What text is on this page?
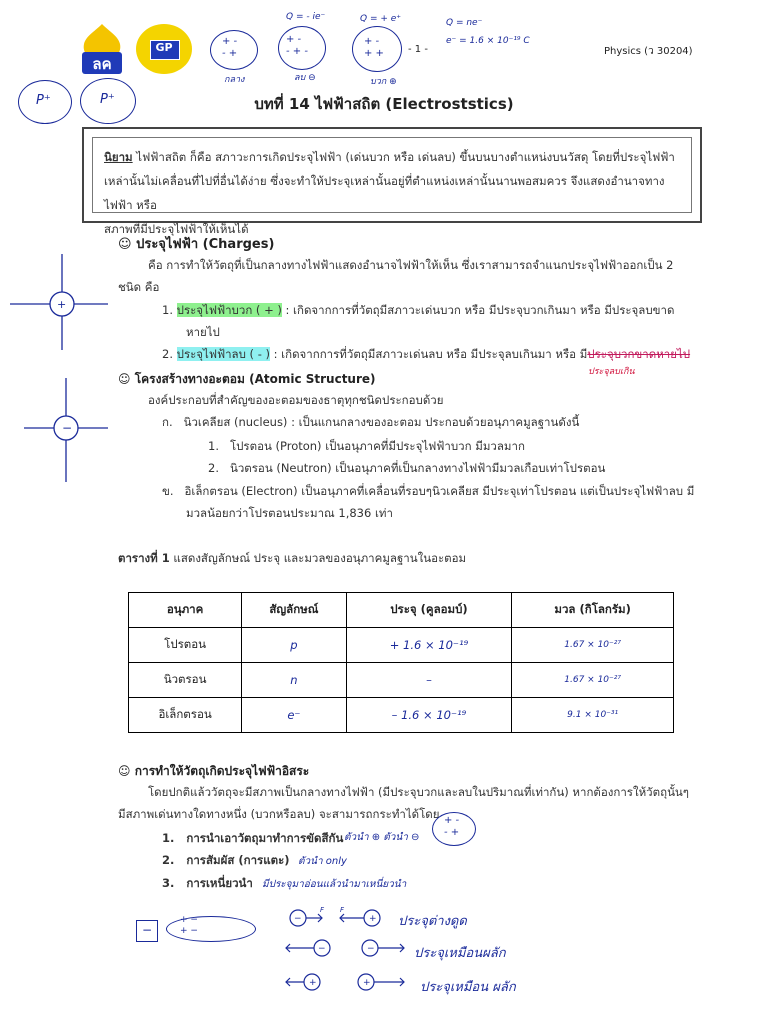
ลค
GP
P⁺	P⁺
+ -
- +
กลาง
Q = - ie⁻
+ -
- + -
ลบ ⊖
Q = + e⁺
+ -
+ +
บวก ⊕
- 1 -
Q = ne⁻
e⁻ = 1.6 × 10⁻¹⁹ C
Physics (ว 30204)
บทที่ 14 ไฟฟ้าสถิต (Electroststics)
นิยาม ไฟฟ้าสถิต ก็คือ สภาวะการเกิดประจุไฟฟ้า (เด่นบวก หรือ เด่นลบ) ขึ้นบนบางตำแหน่งบนวัสดุ โดยที่ประจุไฟฟ้า
เหล่านั้นไม่เคลื่อนที่ไปที่อื่นได้ง่าย ซึ่งจะทำให้ประจุเหล่านั้นอยู่ที่ตำแหน่งเหล่านั้นนานพอสมควร จึงแสดงอำนาจทางไฟฟ้า หรือ
สภาพที่มีประจุไฟฟ้าให้เห็นได้
☺ ประจุไฟฟ้า (Charges)
คือ การทำให้วัตถุที่เป็นกลางทางไฟฟ้าแสดงอำนาจไฟฟ้าให้เห็น ซึ่งเราสามารถจำแนกประจุไฟฟ้าออกเป็น 2
ชนิด คือ
1. ประจุไฟฟ้าบวก ( + ) : เกิดจากการที่วัตถุมีสภาวะเด่นบวก หรือ มีประจุบวกเกินมา หรือ มีประจุลบขาด
หายไป
2. ประจุไฟฟ้าลบ ( - ) : เกิดจากการที่วัตถุมีสภาวะเด่นลบ หรือ มีประจุลบเกินมา หรือ มีประจุบวกขาดหายไป
ประจุลบเกิน
+
−
☺ โครงสร้างทางอะตอม (Atomic Structure)
องค์ประกอบที่สำคัญของอะตอมของธาตุทุกชนิดประกอบด้วย
ก. นิวเคลียส (nucleus) : เป็นแกนกลางของอะตอม ประกอบด้วยอนุภาคมูลฐานดังนี้
1. โปรตอน (Proton) เป็นอนุภาคที่มีประจุไฟฟ้าบวก มีมวลมาก
2. นิวตรอน (Neutron) เป็นอนุภาคที่เป็นกลางทางไฟฟ้ามีมวลเกือบเท่าโปรตอน
ข. อิเล็กตรอน (Electron) เป็นอนุภาคที่เคลื่อนที่รอบๆนิวเคลียส มีประจุเท่าโปรตอน แต่เป็นประจุไฟฟ้าลบ มี
มวลน้อยกว่าโปรตอนประมาณ 1,836 เท่า
ตารางที่ 1 แสดงสัญลักษณ์ ประจุ และมวลของอนุภาคมูลฐานในอะตอม
อนุภาค	สัญลักษณ์	ประจุ (คูลอมบ์)	มวล (กิโลกรัม)
โปรตอน	p	+ 1.6 × 10⁻¹⁹	1.67 × 10⁻²⁷
นิวตรอน	n	–	1.67 × 10⁻²⁷
อิเล็กตรอน	e⁻	– 1.6 × 10⁻¹⁹	9.1 × 10⁻³¹
☺ การทำให้วัตถุเกิดประจุไฟฟ้าอิสระ
โดยปกติแล้ววัตถุจะมีสภาพเป็นกลางทางไฟฟ้า (มีประจุบวกและลบในปริมาณที่เท่ากัน) หากต้องการให้วัตถุนั้นๆ
มีสภาพเด่นทางใดทางหนึ่ง (บวกหรือลบ) จะสามารถกระทำได้โดย
1. การนำเอาวัตถุมาทำการขัดสีกัน ตัวนำ ⊕ ตัวนำ ⊖
2. การสัมผัส (การแตะ) ตัวนำ only
3. การเหนี่ยวนำ มีประจุมาอ่อนแล้วนำมาเหนี่ยวนำ
+ -
- +
−
+ −
+ −
−	+
−	−
+	+
F F
ประจุต่างดูด
ประจุเหมือนผลัก
ประจุเหมือน ผลัก
